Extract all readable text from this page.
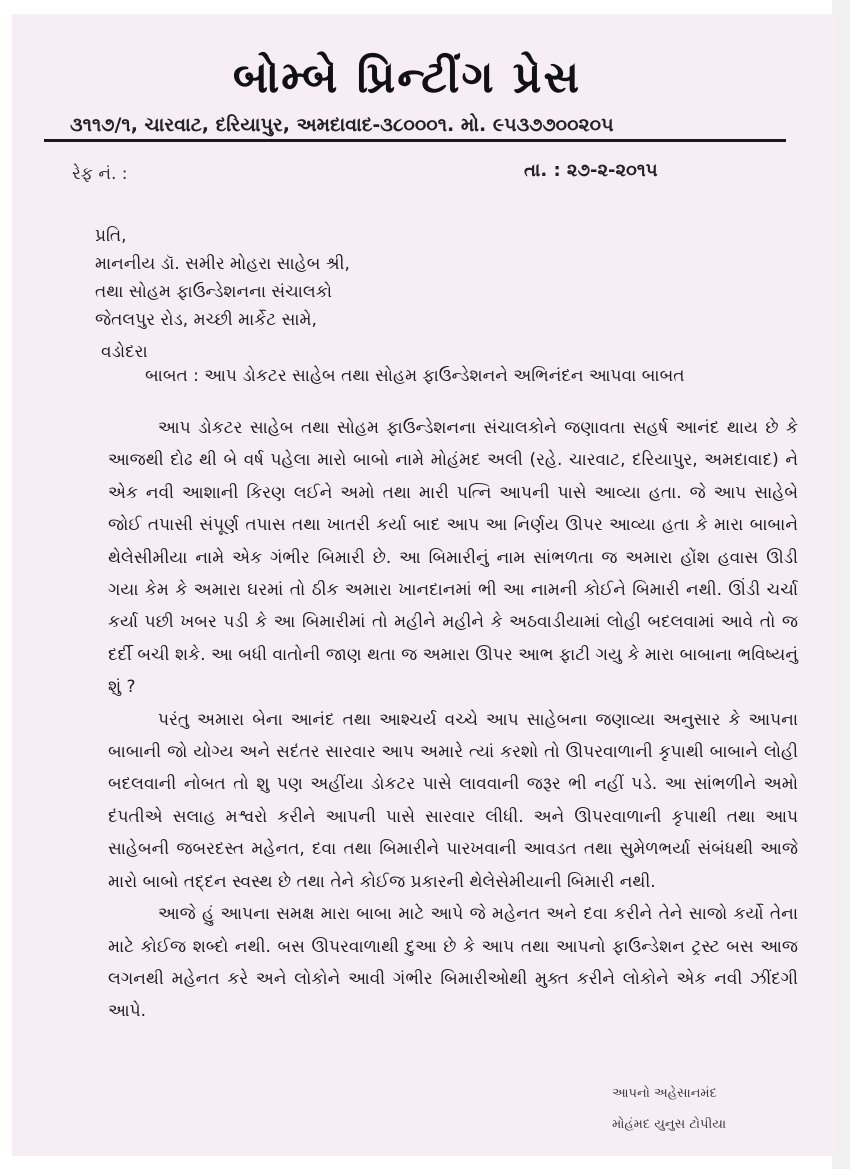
બોમ્બે પ્રિન્ટીંગ પ્રેસ
૩૧૧૭/૧, ચારવાટ, દરિયાપુર, અમદાવાદ-૩૮૦૦૦૧. મો. ૯૫૩૭૭૦૦૨૦૫
રેફ નં. :	તા. : ૨૭-૨-૨૦૧૫
પ્રતિ,
માનનીય ડૉ. સમીર મોહરા સાહેબ શ્રી,
તથા સોહમ ફાઉન્ડેશનના સંચાલકો
જેતલપુર રોડ, મચ્છી માર્કેટ સામે,
વડોદરા
બાબત : આપ ડોકટર સાહેબ તથા સોહમ ફાઉન્ડેશનને અભિનંદન આપવા બાબત

આપ ડોકટર સાહેબ તથા સોહમ ફાઉન્ડેશનના સંચાલકોને જણાવતા સહર્ષ આનંદ થાય છે કે આજથી દોઢ થી બે વર્ષ પહેલા મારો બાબો નામે મોહંમદ અલી (રહે. ચારવાટ, દરિયાપુર, અમદાવાદ) ને એક નવી આશાની કિરણ લઈને અમો તથા મારી પત્નિ આપની પાસે આવ્યા હતા. જે આપ સાહેબે જોઈ તપાસી સંપૂર્ણ તપાસ તથા ખાતરી કર્યા બાદ આપ આ નિર્ણય ઊપર આવ્યા હતા કે મારા બાબાને થેલેસીમીયા નામે એક ગંભીર બિમારી છે. આ બિમારીનું નામ સાંભળતા જ અમારા હોંશ હવાસ ઊડી ગયા કેમ કે અમારા ઘરમાં તો ઠીક અમારા ખાનદાનમાં ભી આ નામની કોઈને બિમારી નથી. ઊંડી ચર્ચા કર્યા પછી ખબર પડી કે આ બિમારીમાં તો મહીને મહીને કે અઠવાડીયામાં લોહી બદલવામાં આવે તો જ દર્દી બચી શકે. આ બધી વાતોની જાણ થતા જ અમારા ઊપર આભ ફાટી ગયુ કે મારા બાબાના ભવિષ્યનું શું ?

પરંતુ અમારા બેના આનંદ તથા આશ્ચર્ય વચ્ચે આપ સાહેબના જણાવ્યા અનુસાર કે આપના બાબાની જો યોગ્ય અને સદંતર સારવાર આપ અમારે ત્યાં કરશો તો ઊપરવાળાની કૃપાથી બાબાને લોહી બદલવાની નોબત તો શુ પણ અહીંયા ડોકટર પાસે લાવવાની જરૂર ભી નહીં પડે. આ સાંભળીને અમો દંપતીએ સલાહ મશ્વરો કરીને આપની પાસે સારવાર લીધી. અને ઊપરવાળાની કૃપાથી તથા આપ સાહેબની જબરદસ્ત મહેનત, દવા તથા બિમારીને પારખવાની આવડત તથા સુમેળભર્યા સંબંધથી આજે મારો બાબો તદ્દન સ્વસ્થ છે તથા તેને કોઈજ પ્રકારની થેલેસેમીયાની બિમારી નથી.

આજે હું આપના સમક્ષ મારા બાબા માટે આપે જે મહેનત અને દવા કરીને તેને સાજો કર્યો તેના માટે કોઈજ શબ્દો નથી. બસ ઊપરવાળાથી દુઆ છે કે આપ તથા આપનો ફાઉન્ડેશન ટ્રસ્ટ બસ આજ લગનથી મહેનત કરે અને લોકોને આવી ગંભીર બિમારીઓથી મુક્ત કરીને લોકોને એક નવી ઝીંદગી આપે.

આપનો અહેસાનમંદ
મોહંમદ યુનુસ ટોપીયા
